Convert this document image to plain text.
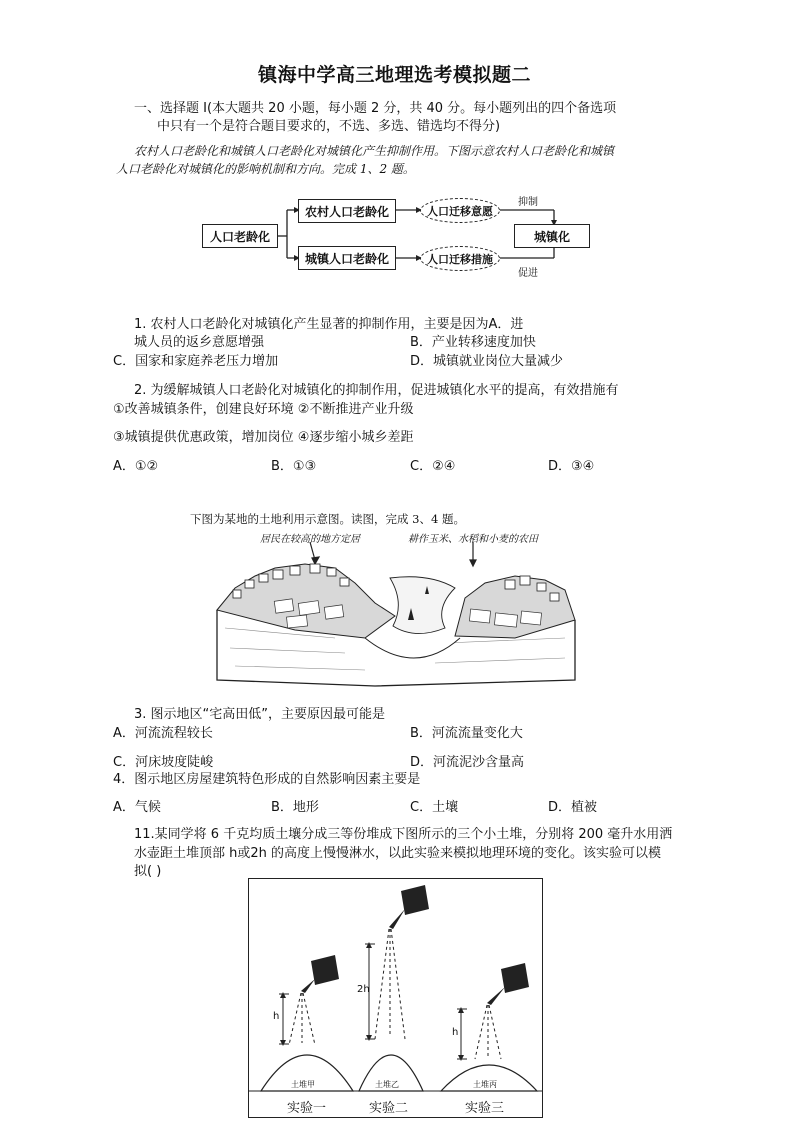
镇海中学高三地理选考模拟题二
一、选择题 Ⅰ(本大题共 20 小题，每小题 2 分，共 40 分。每小题列出的四个备选项
中只有一个是符合题目要求的，不选、多选、错选均不得分)
农村人口老龄化和城镇人口老龄化对城镇化产生抑制作用。下图示意农村人口老龄化和城镇
人口老龄化对城镇化的影响机制和方向。完成 1、2 题。
人口老龄化
农村人口老龄化
城镇人口老龄化
人口迁移意愿
人口迁移措施
城镇化
抑制
促进
1. 农村人口老龄化对城镇化产生显著的抑制作用，主要是因为A．进
城人员的返乡意愿增强	B．产业转移速度加快
C．国家和家庭养老压力增加	D．城镇就业岗位大量减少
2. 为缓解城镇人口老龄化对城镇化的抑制作用，促进城镇化水平的提高，有效措施有
①改善城镇条件，创建良好环境 ②不断推进产业升级
③城镇提供优惠政策，增加岗位 ④逐步缩小城乡差距
A．①②	B．①③	C．②④	D．③④
下图为某地的土地利用示意图。读图，完成 3、4 题。
居民在较高的地方定居	耕作玉米、水稻和小麦的农田
3. 图示地区“宅高田低”，主要原因最可能是
A．河流流程较长	B．河流流量变化大
C．河床坡度陡峻	D．河流泥沙含量高
4．图示地区房屋建筑特色形成的自然影响因素主要是
A．气候	B．地形	C．土壤	D．植被
11.某同学将 6 千克均质土壤分成三等份堆成下图所示的三个小土堆，分别将 200 毫升水用洒
水壶距土堆顶部 h或2h 的高度上慢慢淋水，以此实验来模拟地理环境的变化。该实验可以模
拟( )
h
2h
h
土堆甲	土堆乙	土堆丙
实验一	实验二	实验三
